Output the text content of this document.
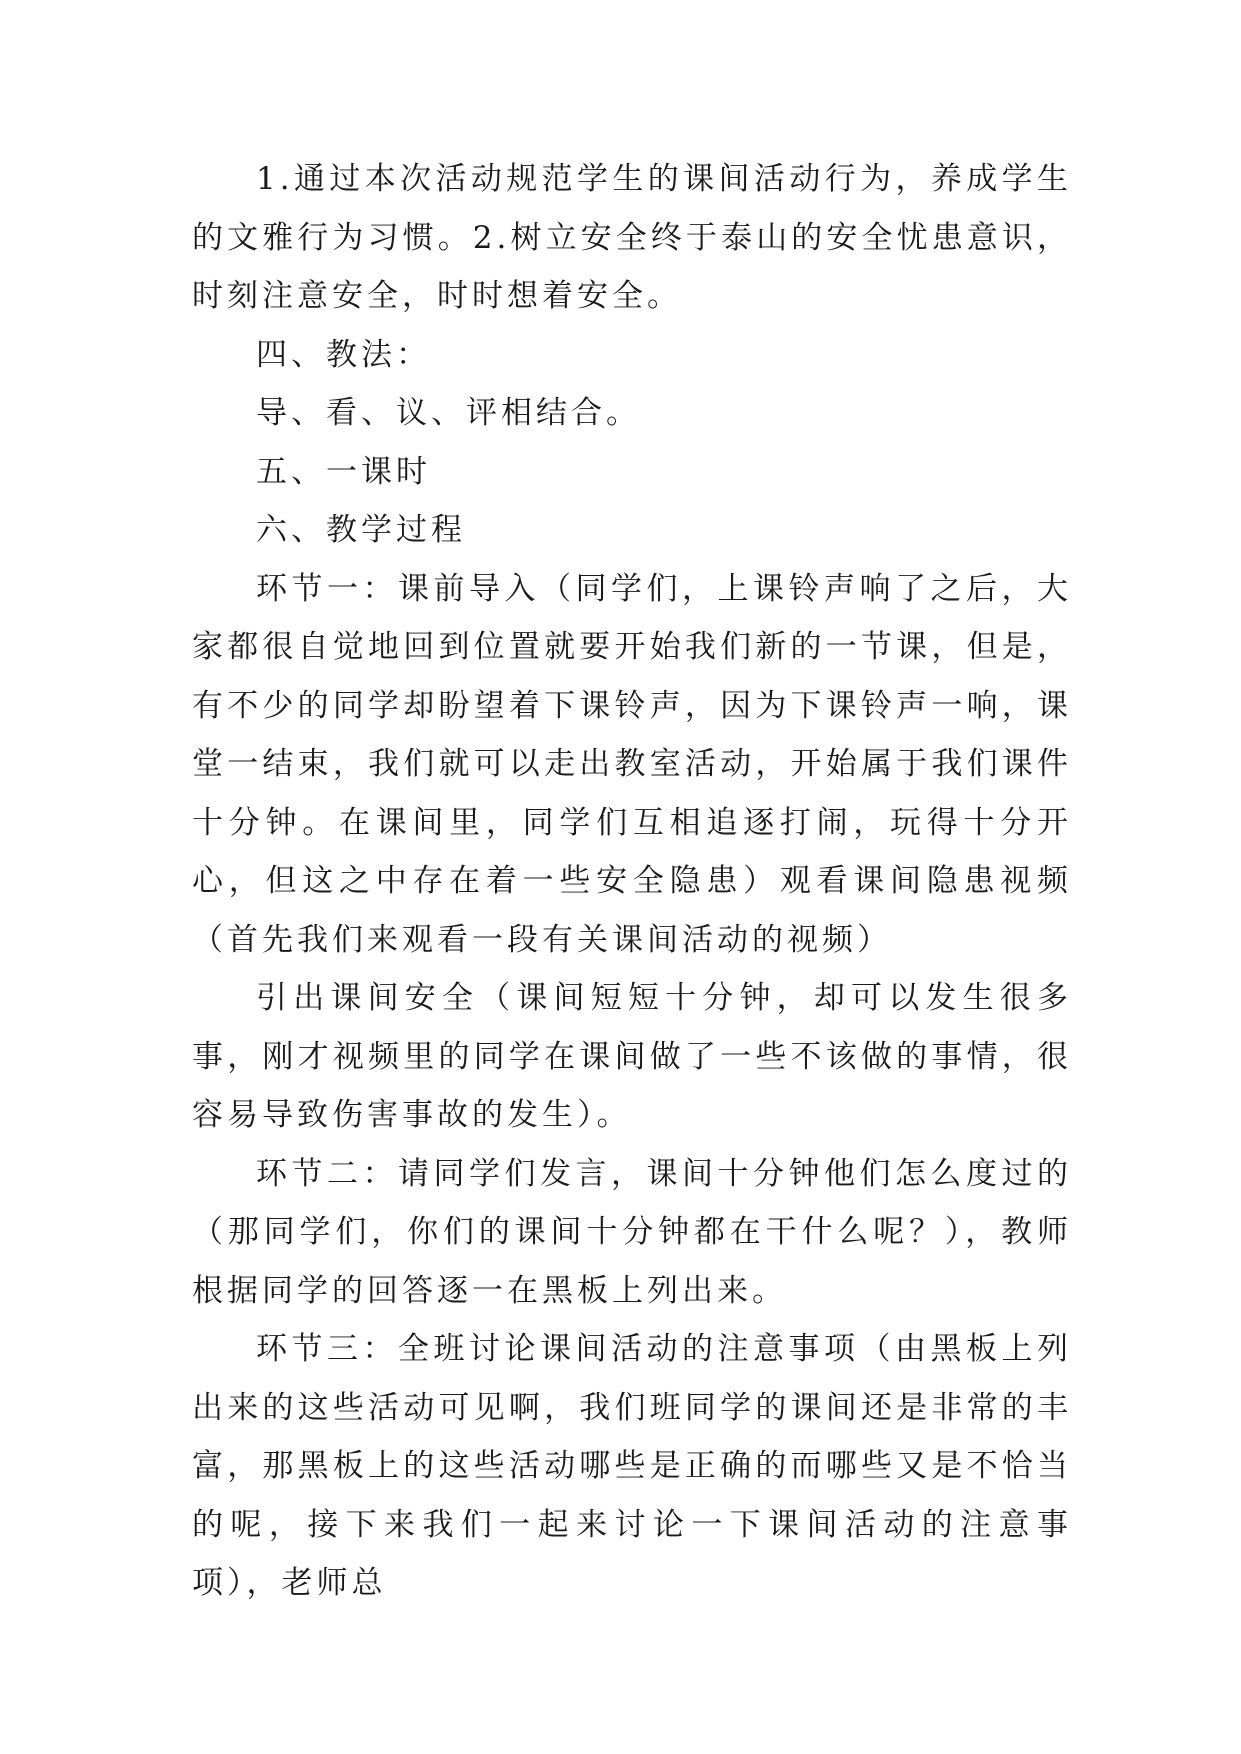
1.通过本次活动规范学生的课间活动行为，养成学生的文雅行为习惯。2.树立安全终于泰山的安全忧患意识，时刻注意安全，时时想着安全。

四、教法：

导、看、议、评相结合。

五、一课时

六、教学过程

环节一：课前导入（同学们，上课铃声响了之后，大家都很自觉地回到位置就要开始我们新的一节课，但是，有不少的同学却盼望着下课铃声，因为下课铃声一响，课堂一结束，我们就可以走出教室活动，开始属于我们课件十分钟。在课间里，同学们互相追逐打闹，玩得十分开心，但这之中存在着一些安全隐患）观看课间隐患视频（首先我们来观看一段有关课间活动的视频）

引出课间安全（课间短短十分钟，却可以发生很多事，刚才视频里的同学在课间做了一些不该做的事情，很容易导致伤害事故的发生）。

环节二：请同学们发言，课间十分钟他们怎么度过的（那同学们，你们的课间十分钟都在干什么呢？），教师根据同学的回答逐一在黑板上列出来。

环节三：全班讨论课间活动的注意事项（由黑板上列出来的这些活动可见啊，我们班同学的课间还是非常的丰富，那黑板上的这些活动哪些是正确的而哪些又是不恰当的呢，接下来我们一起来讨论一下课间活动的注意事项），老师总
